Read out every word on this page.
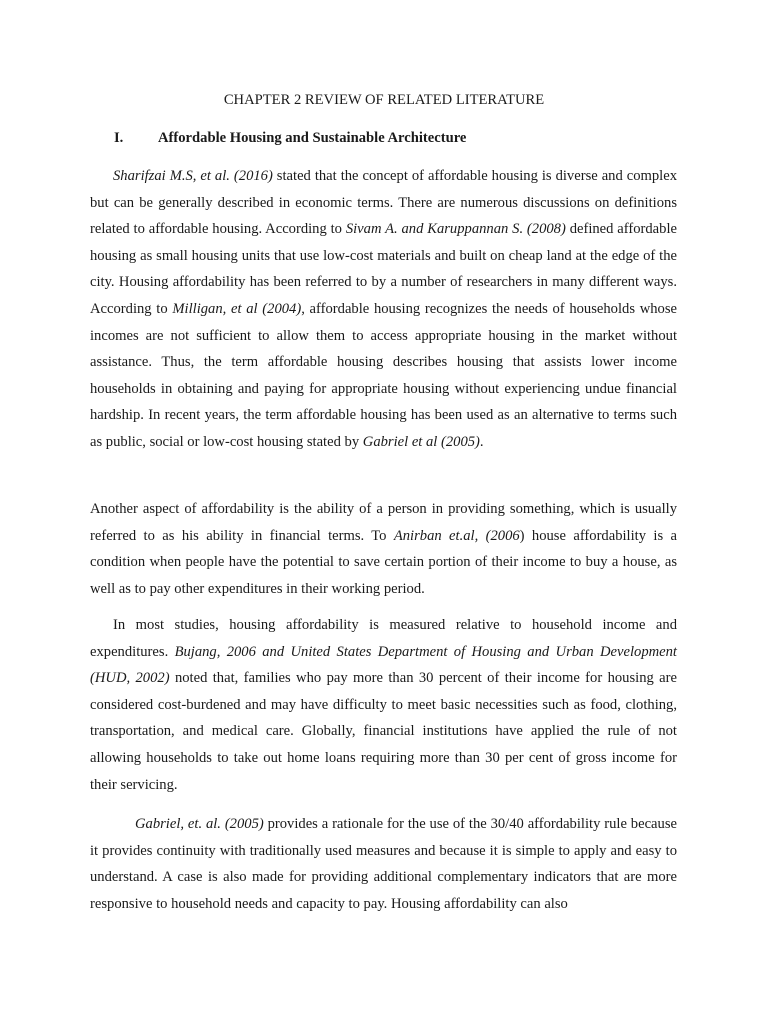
CHAPTER 2 REVIEW OF RELATED LITERATURE
I. Affordable Housing and Sustainable Architecture
Sharifzai M.S, et al. (2016) stated that the concept of affordable housing is diverse and complex but can be generally described in economic terms. There are numerous discussions on definitions related to affordable housing. According to Sivam A. and Karuppannan S. (2008) defined affordable housing as small housing units that use low-cost materials and built on cheap land at the edge of the city. Housing affordability has been referred to by a number of researchers in many different ways. According to Milligan, et al (2004), affordable housing recognizes the needs of households whose incomes are not sufficient to allow them to access appropriate housing in the market without assistance. Thus, the term affordable housing describes housing that assists lower income households in obtaining and paying for appropriate housing without experiencing undue financial hardship. In recent years, the term affordable housing has been used as an alternative to terms such as public, social or low-cost housing stated by Gabriel et al (2005).
Another aspect of affordability is the ability of a person in providing something, which is usually referred to as his ability in financial terms. To Anirban et.al, (2006) house affordability is a condition when people have the potential to save certain portion of their income to buy a house, as well as to pay other expenditures in their working period.
In most studies, housing affordability is measured relative to household income and expenditures. Bujang, 2006 and United States Department of Housing and Urban Development (HUD, 2002) noted that, families who pay more than 30 percent of their income for housing are considered cost-burdened and may have difficulty to meet basic necessities such as food, clothing, transportation, and medical care. Globally, financial institutions have applied the rule of not allowing households to take out home loans requiring more than 30 per cent of gross income for their servicing.
Gabriel, et. al. (2005) provides a rationale for the use of the 30/40 affordability rule because it provides continuity with traditionally used measures and because it is simple to apply and easy to understand. A case is also made for providing additional complementary indicators that are more responsive to household needs and capacity to pay. Housing affordability can also
